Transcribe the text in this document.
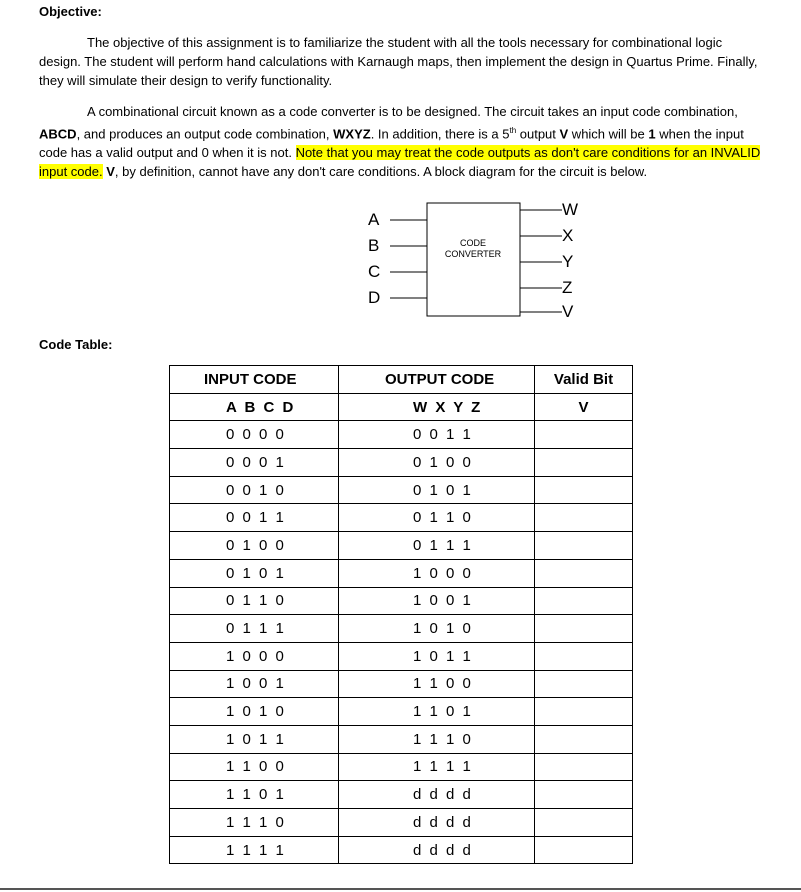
Objective:

The objective of this assignment is to familiarize the student with all the tools necessary for combinational logic design. The student will perform hand calculations with Karnaugh maps, then implement the design in Quartus Prime. Finally, they will simulate their design to verify functionality.

A combinational circuit known as a code converter is to be designed. The circuit takes an input code combination, ABCD, and produces an output code combination, WXYZ. In addition, there is a 5th output V which will be 1 when the input code has a valid output and 0 when it is not. Note that you may treat the code outputs as don't care conditions for an INVALID input code. V, by definition, cannot have any don't care conditions. A block diagram for the circuit is below.

A
B
C
D
CODE
CONVERTER
W
X
Y
Z
V
Code Table:
INPUT CODE	OUTPUT CODE	Valid Bit
A B C D	W X Y Z	V
0 0 0 0	0 0 1 1	
0 0 0 1	0 1 0 0	
0 0 1 0	0 1 0 1	
0 0 1 1	0 1 1 0	
0 1 0 0	0 1 1 1	
0 1 0 1	1 0 0 0	
0 1 1 0	1 0 0 1	
0 1 1 1	1 0 1 0	
1 0 0 0	1 0 1 1	
1 0 0 1	1 1 0 0	
1 0 1 0	1 1 0 1	
1 0 1 1	1 1 1 0	
1 1 0 0	1 1 1 1	
1 1 0 1	d d d d	
1 1 1 0	d d d d	
1 1 1 1	d d d d	
